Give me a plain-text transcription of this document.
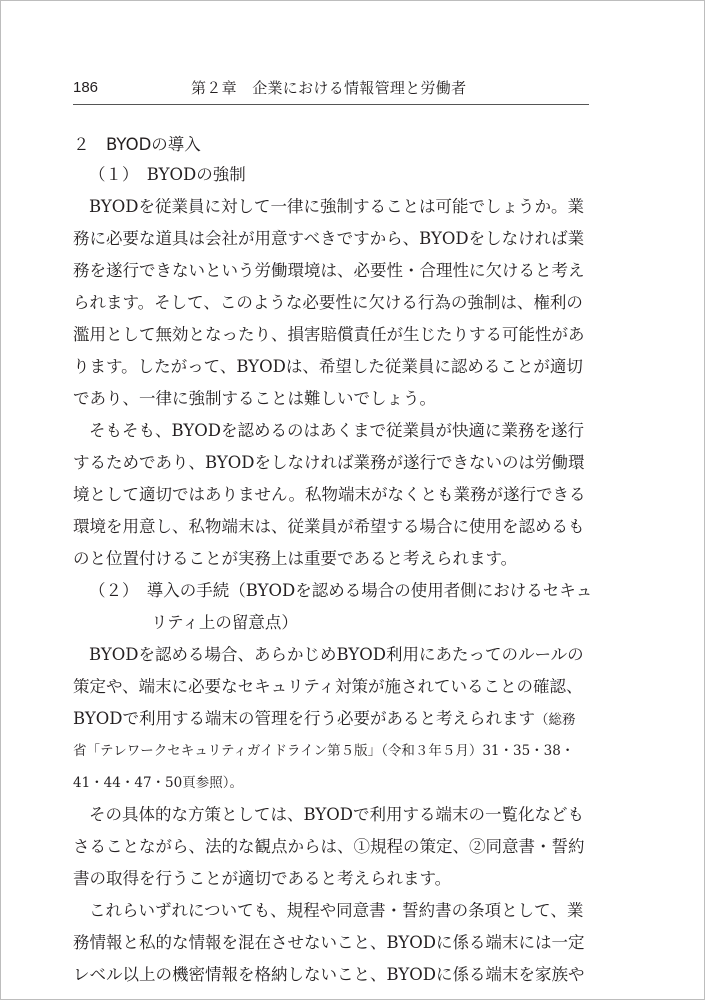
186	第２章　企業における情報管理と労働者
２　BYODの導入
（１）　BYODの強制
BYODを従業員に対して一律に強制することは可能でしょうか。業
務に必要な道具は会社が用意すべきですから、BYODをしなければ業
務を遂行できないという労働環境は、必要性・合理性に欠けると考え
られます。そして、このような必要性に欠ける行為の強制は、権利の
濫用として無効となったり、損害賠償責任が生じたりする可能性があ
ります。したがって、BYODは、希望した従業員に認めることが適切
であり、一律に強制することは難しいでしょう。
そもそも、BYODを認めるのはあくまで従業員が快適に業務を遂行
するためであり、BYODをしなければ業務が遂行できないのは労働環
境として適切ではありません。私物端末がなくとも業務が遂行できる
環境を用意し、私物端末は、従業員が希望する場合に使用を認めるも
のと位置付けることが実務上は重要であると考えられます。
（２）　導入の手続（BYODを認める場合の使用者側におけるセキュ
リティ上の留意点）
BYODを認める場合、あらかじめBYOD利用にあたってのルールの
策定や、端末に必要なセキュリティ対策が施されていることの確認、
BYODで利用する端末の管理を行う必要があると考えられます（総務
省「テレワークセキュリティガイドライン第５版」（令和３年５月）31・35・38・
41・44・47・50頁参照）。
その具体的な方策としては、BYODで利用する端末の一覧化なども
さることながら、法的な観点からは、①規程の策定、②同意書・誓約
書の取得を行うことが適切であると考えられます。
これらいずれについても、規程や同意書・誓約書の条項として、業
務情報と私的な情報を混在させないこと、BYODに係る端末には一定
レベル以上の機密情報を格納しないこと、BYODに係る端末を家族や
